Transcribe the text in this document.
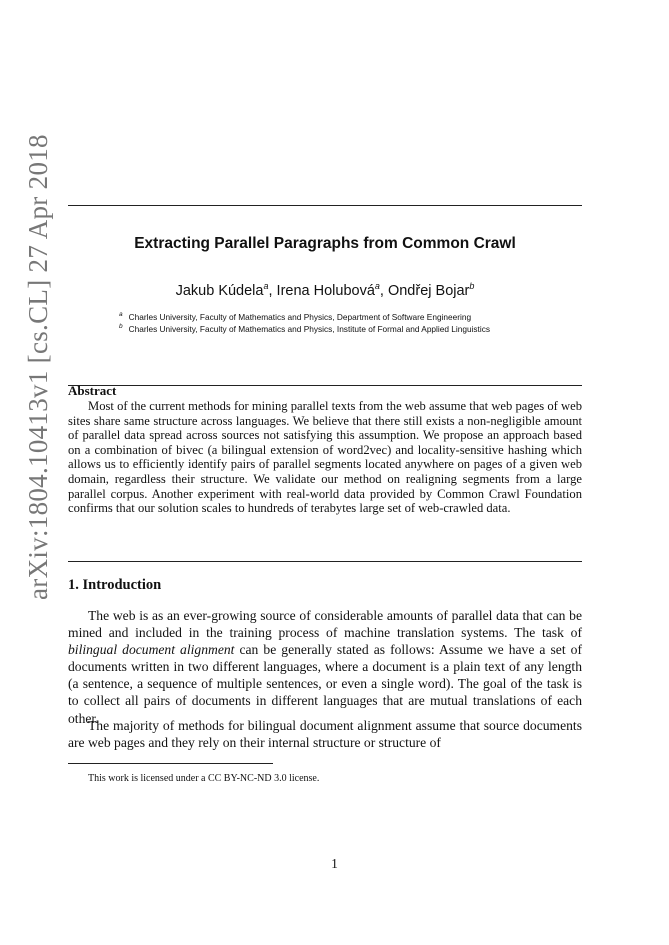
arXiv:1804.10413v1 [cs.CL] 27 Apr 2018	Extracting Parallel Paragraphs from Common Crawl
Jakub Kúdela$^a$, Irena Holubová$^a$, Ondřej Bojar$^b$
$^a$ Charles University, Faculty of Mathematics and Physics, Department of Software Engineering
$^b$ Charles University, Faculty of Mathematics and Physics, Institute of Formal and Applied Linguistics
Abstract
Most of the current methods for mining parallel texts from the web assume that web pages of web sites share same structure across languages. We believe that there still exists a non-negligible amount of parallel data spread across sources not satisfying this assumption. We propose an approach based on a combination of bivec (a bilingual extension of word2vec) and locality-sensitive hashing which allows us to efficiently identify pairs of parallel segments located anywhere on pages of a given web domain, regardless their structure. We validate our method on realigning segments from a large parallel corpus. Another experiment with real-world data provided by Common Crawl Foundation confirms that our solution scales to hundreds of terabytes large set of web-crawled data.
1. Introduction

The web is as an ever-growing source of considerable amounts of parallel data that can be mined and included in the training process of machine translation systems. The task of bilingual document alignment can be generally stated as follows: Assume we have a set of documents written in two different languages, where a document is a plain text of any length (a sentence, a sequence of multiple sentences, or even a single word). The goal of the task is to collect all pairs of documents in different languages that are mutual translations of each other.

The majority of methods for bilingual document alignment assume that source documents are web pages and they rely on their internal structure or structure of

This work is licensed under a CC BY-NC-ND 3.0 license.
1
